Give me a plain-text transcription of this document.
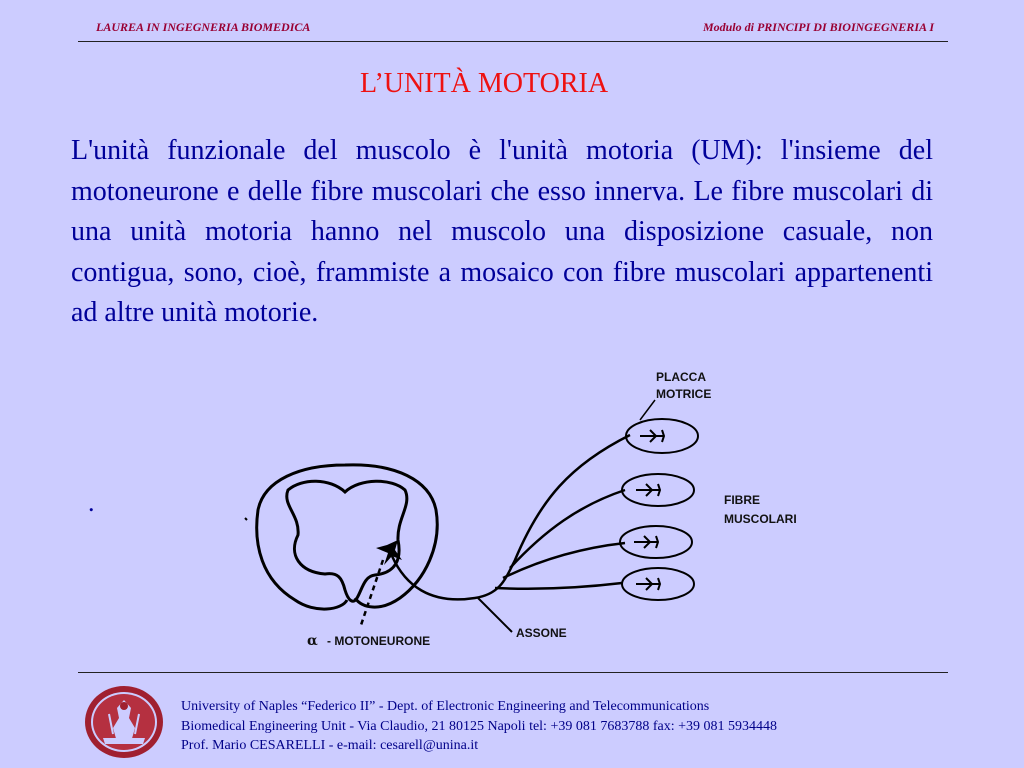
LAUREA IN INGEGNERIA BIOMEDICA	Modulo di PRINCIPI DI BIOINGEGNERIA I
L’UNITÀ MOTORIA
L'unità funzionale del muscolo è l'unità motoria (UM): l'insieme del motoneurone e delle fibre muscolari che esso innerva. Le fibre muscolari di una unità motoria hanno nel muscolo una disposizione casuale, non contigua, sono, cioè, frammiste a mosaico con fibre muscolari appartenenti ad altre unità motorie.
.
PLACCA
MOTRICE
FIBRE
MUSCOLARI
ASSONE
α - MOTONEURONE
University of Naples “Federico II” - Dept. of Electronic Engineering and Telecommunications
Biomedical Engineering Unit - Via Claudio, 21 80125 Napoli tel: +39 081 7683788 fax: +39 081 5934448
Prof. Mario CESARELLI - e-mail: cesarell@unina.it
